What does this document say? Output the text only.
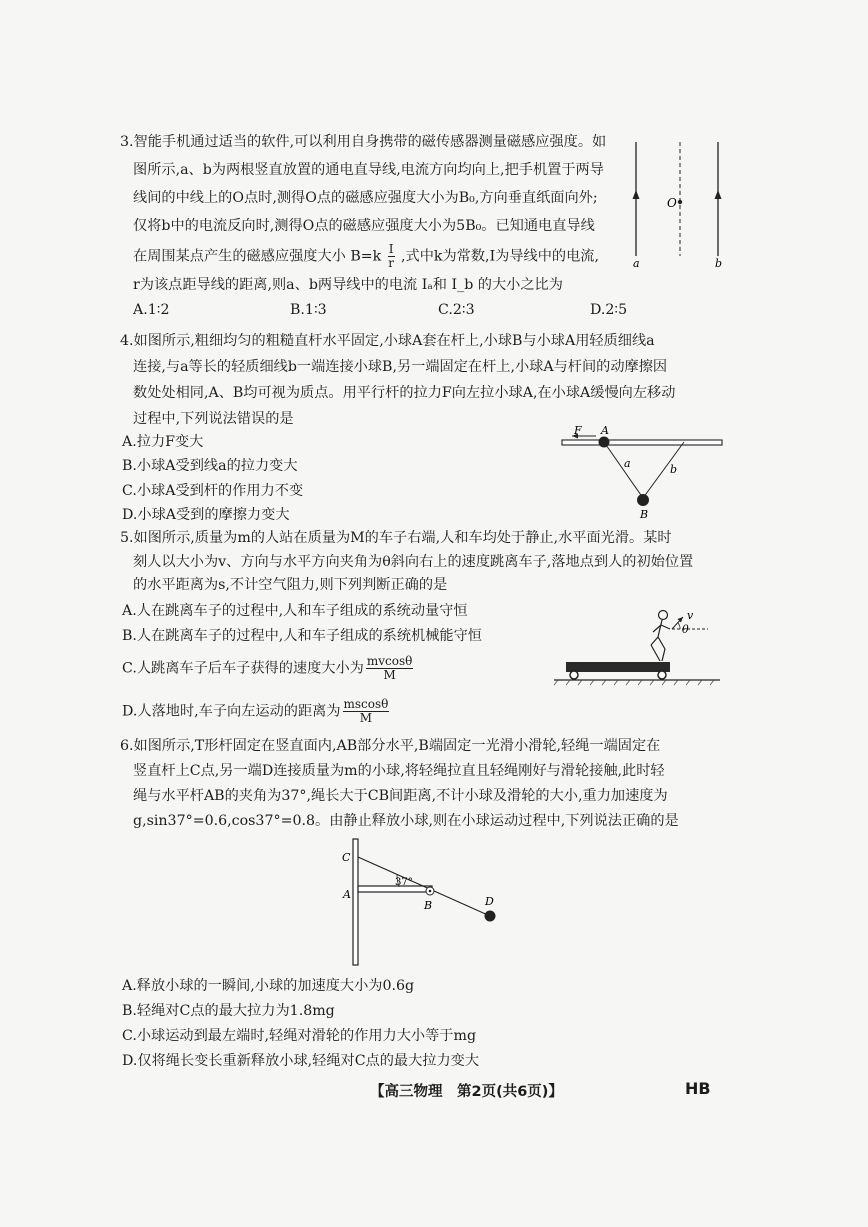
3.智能手机通过适当的软件,可以利用自身携带的磁传感器测量磁感应强度。如
图所示,a、b为两根竖直放置的通电直导线,电流方向均向上,把手机置于两导
线间的中线上的O点时,测得O点的磁感应强度大小为B₀,方向垂直纸面向外;
仅将b中的电流反向时,测得O点的磁感应强度大小为5B₀。已知通电直导线
在周围某点产生的磁感应强度大小 $B=k \frac{I}{r}$ ,式中k为常数,I为导线中的电流,
r为该点距导线的距离,则a、b两导线中的电流 Iₐ和 I_b 的大小之比为
A.1∶2	B.1∶3	C.2∶3	D.2∶5
a	b
O
4.如图所示,粗细均匀的粗糙直杆水平固定,小球A套在杆上,小球B与小球A用轻质细线a
连接,与a等长的轻质细线b一端连接小球B,另一端固定在杆上,小球A与杆间的动摩擦因
数处处相同,A、B均可视为质点。用平行杆的拉力F向左拉小球A,在小球A缓慢向左移动
过程中,下列说法错误的是
A.拉力F变大
B.小球A受到线a的拉力变大
C.小球A受到杆的作用力不变
D.小球A受到的摩擦力变大
F A
B
a	b
5.如图所示,质量为m的人站在质量为M的车子右端,人和车均处于静止,水平面光滑。某时
刻人以大小为v、方向与水平方向夹角为θ斜向右上的速度跳离车子,落地点到人的初始位置
的水平距离为s,不计空气阻力,则下列判断正确的是
A.人在跳离车子的过程中,人和车子组成的系统动量守恒
B.人在跳离车子的过程中,人和车子组成的系统机械能守恒
C.人跳离车子后车子获得的速度大小为 $\frac{mvcos\theta}{M}$
D.人落地时,车子向左运动的距离为 $\frac{mscos\theta}{M}$
v
θ
6.如图所示,T形杆固定在竖直面内,AB部分水平,B端固定一光滑小滑轮,轻绳一端固定在
竖直杆上C点,另一端D连接质量为m的小球,将轻绳拉直且轻绳刚好与滑轮接触,此时轻
绳与水平杆AB的夹角为37°,绳长大于CB间距离,不计小球及滑轮的大小,重力加速度为
g,sin37°=0.6,cos37°=0.8。由静止释放小球,则在小球运动过程中,下列说法正确的是
C
A
B	D
37°
A.释放小球的一瞬间,小球的加速度大小为0.6g
B.轻绳对C点的最大拉力为1.8mg
C.小球运动到最左端时,轻绳对滑轮的作用力大小等于mg
D.仅将绳长变长重新释放小球,轻绳对C点的最大拉力变大
【高三物理　第2页(共6页)】	HB
